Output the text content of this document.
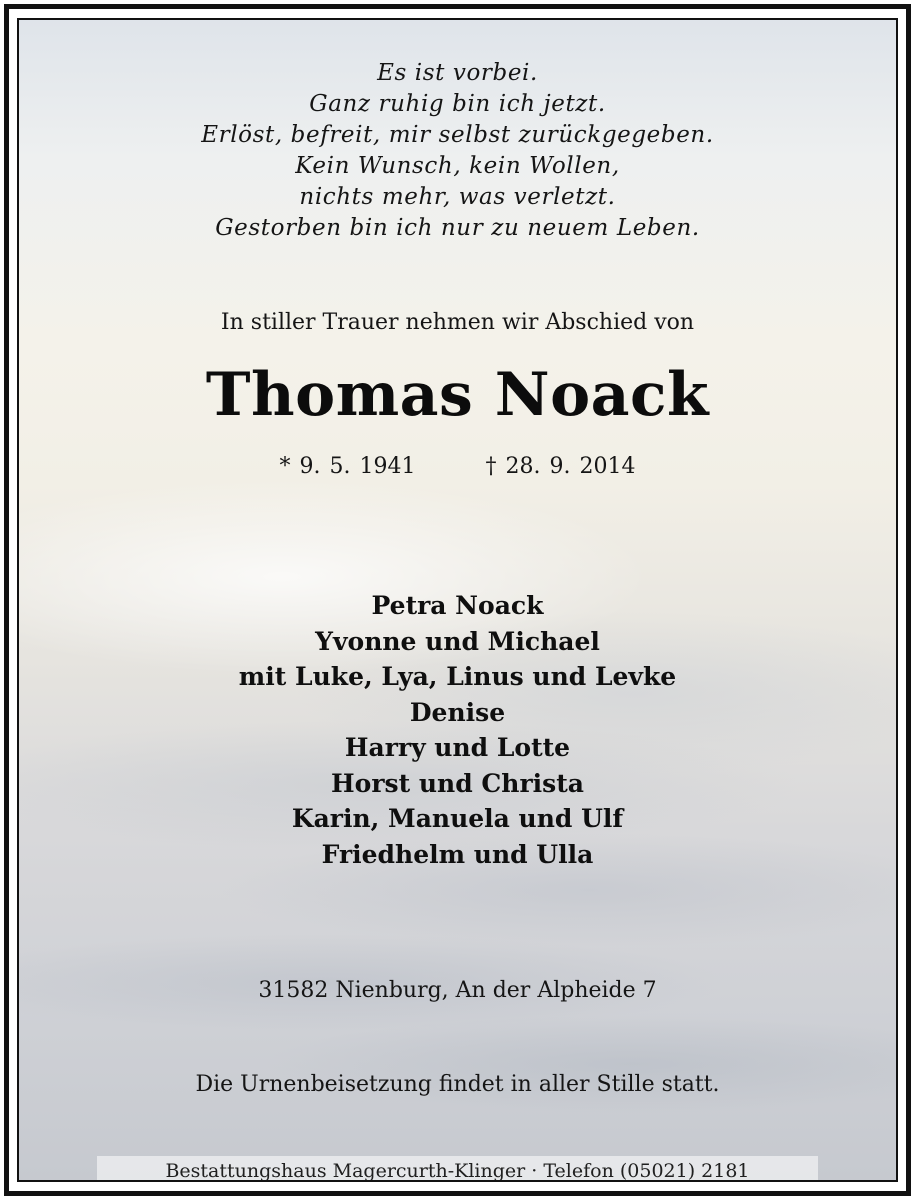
Es ist vorbei.
Ganz ruhig bin ich jetzt.
Erlöst, befreit, mir selbst zurückgegeben.
Kein Wunsch, kein Wollen,
nichts mehr, was verletzt.
Gestorben bin ich nur zu neuem Leben.
In stiller Trauer nehmen wir Abschied von
Thomas Noack
* 9. 5. 1941	† 28. 9. 2014
Petra Noack
Yvonne und Michael
mit Luke, Lya, Linus und Levke
Denise
Harry und Lotte
Horst und Christa
Karin, Manuela und Ulf
Friedhelm und Ulla
31582 Nienburg, An der Alpheide 7
Die Urnenbeisetzung findet in aller Stille statt.
Bestattungshaus Magercurth-Klinger · Telefon (05021) 2181
